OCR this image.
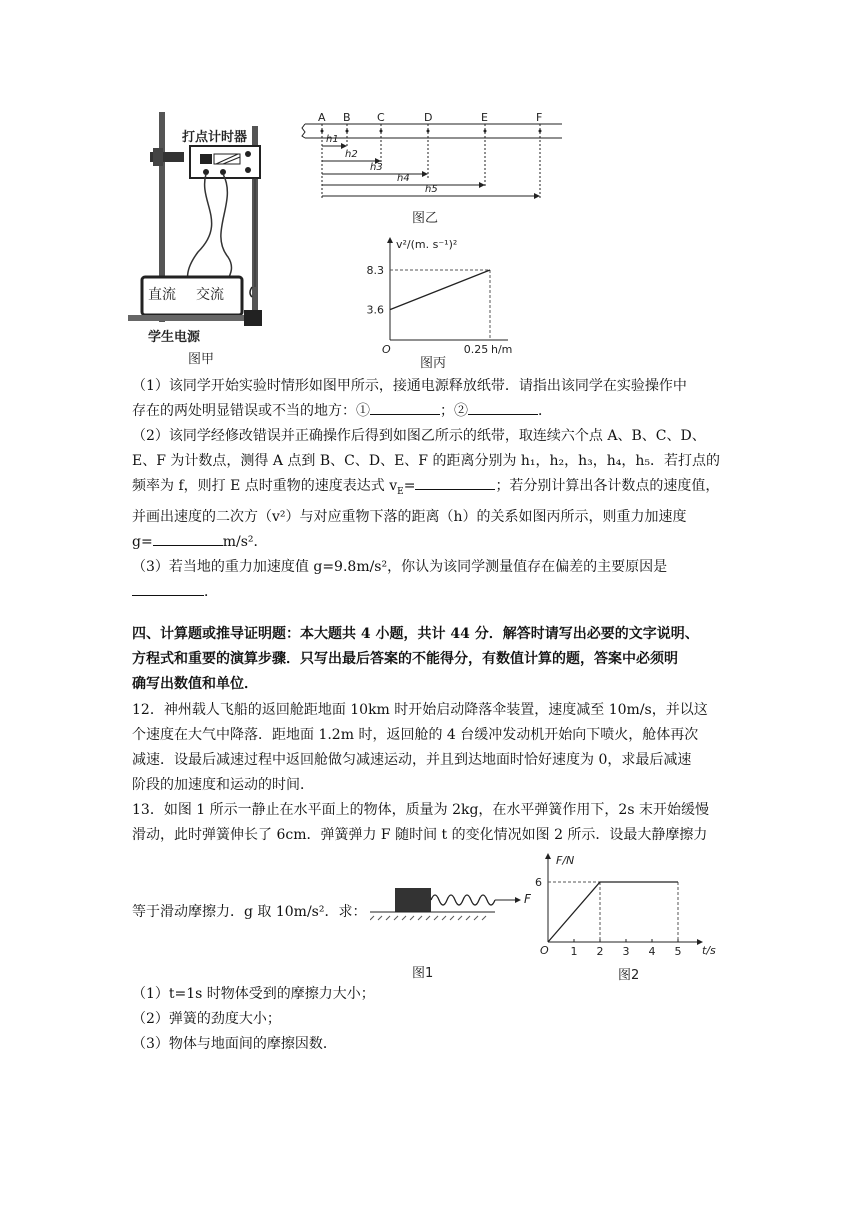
打点计时器
直流 交流
学生电源
图甲
A B C	D	E	F
h1
h2
h3
h4
h5
图乙
3.6
8.3
0.25
O	h/m
v²/(m. s⁻¹)²
图丙

（1）该同学开始实验时情形如图甲所示，接通电源释放纸带．请指出该同学在实验操作中

存在的两处明显错误或不当的地方：①	；②	．

（2）该同学经修改错误并正确操作后得到如图乙所示的纸带，取连续六个点 A、B、C、D、

E、F 为计数点，测得 A 点到 B、C、D、E、F 的距离分别为 h₁，h₂，h₃，h₄，h₅．若打点的

频率为 f，则打 E 点时重物的速度表达式 $v_E=$	；若分别计算出各计数点的速度值，

并画出速度的二次方（v²）与对应重物下落的距离（h）的关系如图丙所示，则重力加速度

g=	m/s²．

（3）若当地的重力加速度值 g=9.8m/s²，你认为该同学测量值存在偏差的主要原因是

．

四、计算题或推导证明题：本大题共 4 小题，共计 44 分．解答时请写出必要的文字说明、

方程式和重要的演算步骤．只写出最后答案的不能得分，有数值计算的题，答案中必须明

确写出数值和单位．

12．神州载人飞船的返回舱距地面 10km 时开始启动降落伞装置，速度减至 10m/s，并以这

个速度在大气中降落．距地面 1.2m 时，返回舱的 4 台缓冲发动机开始向下喷火，舱体再次

减速．设最后减速过程中返回舱做匀减速运动，并且到达地面时恰好速度为 0，求最后减速

阶段的加速度和运动的时间．

13．如图 1 所示一静止在水平面上的物体，质量为 2kg，在水平弹簧作用下，2s 末开始缓慢

滑动，此时弹簧伸长了 6cm．弹簧弹力 F 随时间 t 的变化情况如图 2 所示．设最大静摩擦力

等于滑动摩擦力．g 取 10m/s²．求：

F
图1
1 2 3 4 5
6
O
F/N
t/s
图2

（1）t=1s 时物体受到的摩擦力大小；

（2）弹簧的劲度大小；

（3）物体与地面间的摩擦因数．
